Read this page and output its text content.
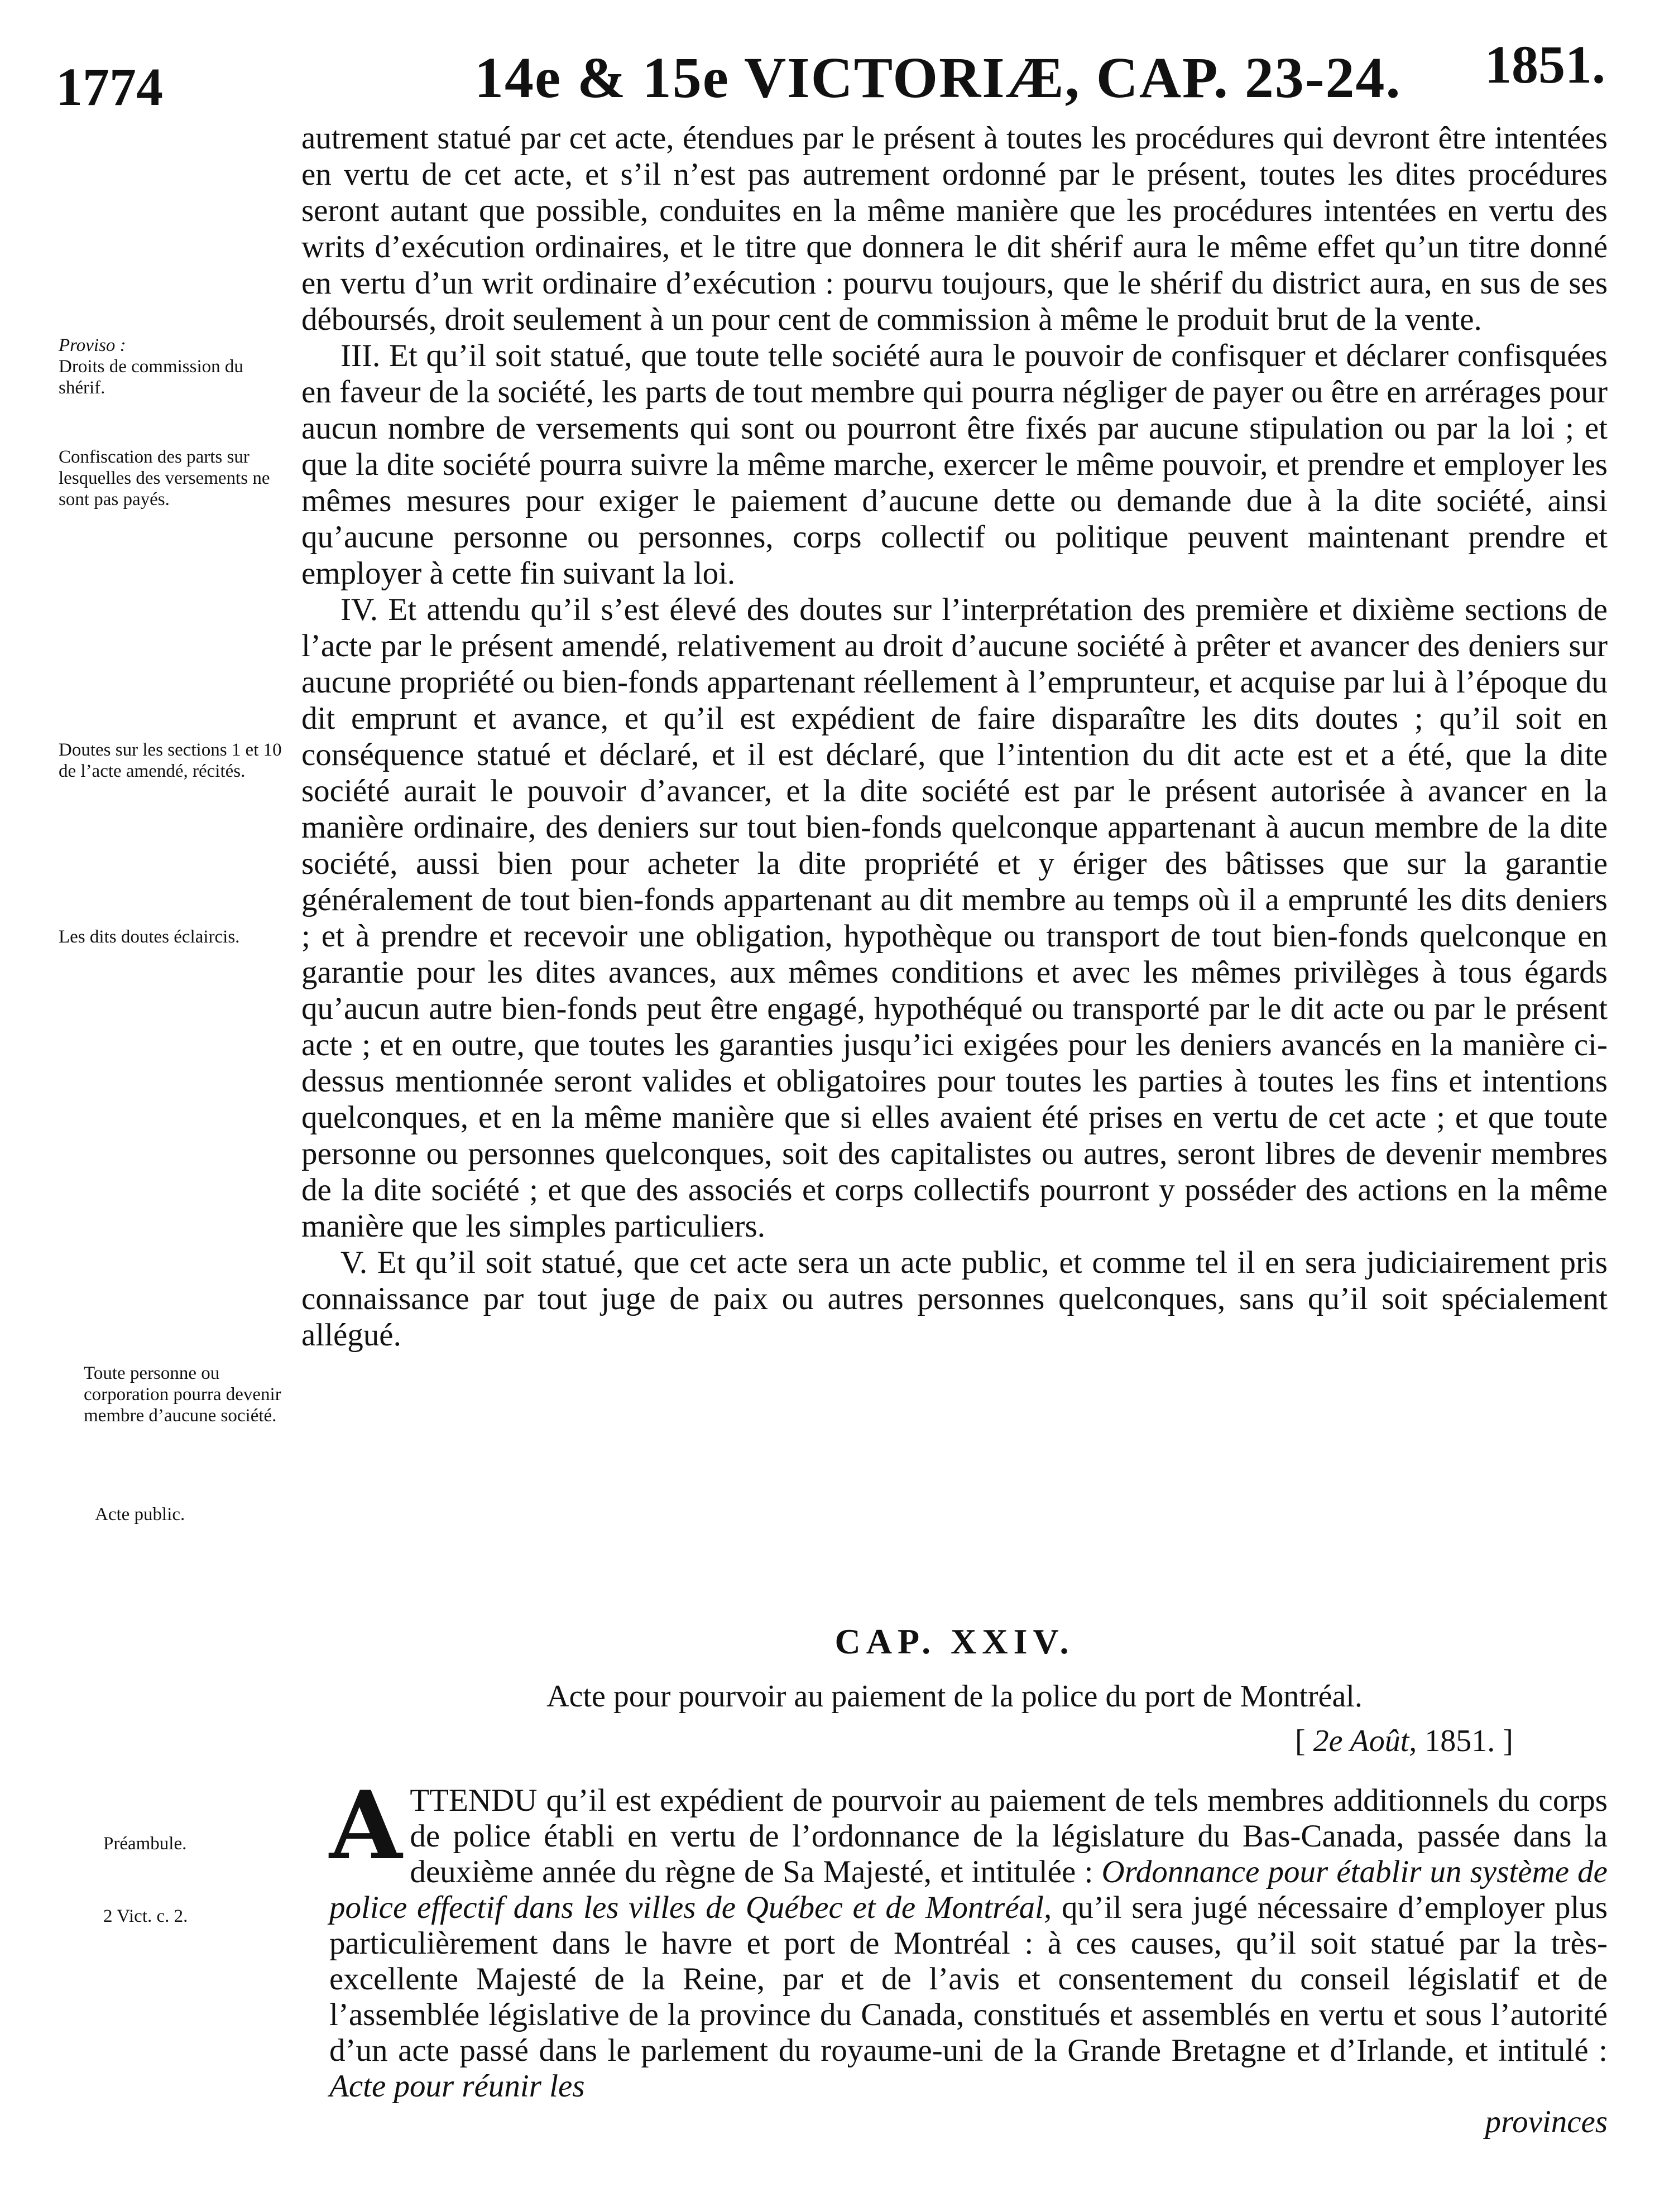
1774	14e & 15e VICTORIÆ, CAP. 23-24. 1851.

autrement statué par cet acte, étendues par le présent à toutes les procédures qui devront être intentées en vertu de cet acte, et s’il n’est pas autrement ordonné par le présent, toutes les dites procédures seront autant que possible, conduites en la même manière que les procédures intentées en vertu des writs d’exécution ordinaires, et le titre que donnera le dit shérif aura le même effet qu’un titre donné en vertu d’un writ ordinaire d’exécution : pourvu toujours, que le shérif du district aura, en sus de ses déboursés, droit seulement à un pour cent de commission à même le produit brut de la vente.

III. Et qu’il soit statué, que toute telle société aura le pouvoir de confisquer et déclarer confisquées en faveur de la société, les parts de tout membre qui pourra négliger de payer ou être en arrérages pour aucun nombre de versements qui sont ou pourront être fixés par aucune stipulation ou par la loi ; et que la dite société pourra suivre la même marche, exercer le même pouvoir, et prendre et employer les mêmes mesures pour exiger le paiement d’aucune dette ou demande due à la dite société, ainsi qu’aucune personne ou personnes, corps collectif ou politique peuvent maintenant prendre et employer à cette fin suivant la loi.

IV. Et attendu qu’il s’est élevé des doutes sur l’interprétation des première et dixième sections de l’acte par le présent amendé, relativement au droit d’aucune société à prêter et avancer des deniers sur aucune propriété ou bien-fonds appartenant réellement à l’emprunteur, et acquise par lui à l’époque du dit emprunt et avance, et qu’il est expédient de faire disparaître les dits doutes ; qu’il soit en conséquence statué et déclaré, et il est déclaré, que l’intention du dit acte est et a été, que la dite société aurait le pouvoir d’avancer, et la dite société est par le présent autorisée à avancer en la manière ordinaire, des deniers sur tout bien-fonds quelconque appartenant à aucun membre de la dite société, aussi bien pour acheter la dite propriété et y ériger des bâtisses que sur la garantie généralement de tout bien-fonds appartenant au dit membre au temps où il a emprunté les dits deniers ; et à prendre et recevoir une obligation, hypothèque ou transport de tout bien-fonds quelconque en garantie pour les dites avances, aux mêmes conditions et avec les mêmes privilèges à tous égards qu’aucun autre bien-fonds peut être engagé, hypothéqué ou transporté par le dit acte ou par le présent acte ; et en outre, que toutes les garanties jusqu’ici exigées pour les deniers avancés en la manière ci-dessus mentionnée seront valides et obligatoires pour toutes les parties à toutes les fins et intentions quelconques, et en la même manière que si elles avaient été prises en vertu de cet acte ; et que toute personne ou personnes quelconques, soit des capitalistes ou autres, seront libres de devenir membres de la dite société ; et que des associés et corps collectifs pourront y posséder des actions en la même manière que les simples particuliers.

V. Et qu’il soit statué, que cet acte sera un acte public, et comme tel il en sera judiciairement pris connaissance par tout juge de paix ou autres personnes quelconques, sans qu’il soit spécialement allégué.

Proviso :
Droits de commission du shérif.
Confiscation des parts sur lesquelles des versements ne sont pas payés.
Doutes sur les sections 1 et 10 de l’acte amendé, récités.
Les dits doutes éclaircis.
Toute personne ou corporation pourra devenir membre d’aucune société.
Acte public.
CAP. XXIV.
Acte pour pourvoir au paiement de la police du port de Montréal.
[ 2e Août, 1851. ]
Préambule.
2 Vict. c. 2.
A TTENDU qu’il est expédient de pourvoir au paiement de tels membres additionnels du corps de police établi en vertu de l’ordonnance de la législature du Bas-Canada, passée dans la deuxième année du règne de Sa Majesté, et intitulée : Ordonnance pour établir un système de police effectif dans les villes de Québec et de Montréal, qu’il sera jugé nécessaire d’employer plus particulièrement dans le havre et port de Montréal : à ces causes, qu’il soit statué par la très-excellente Majesté de la Reine, par et de l’avis et consentement du conseil législatif et de l’assemblée législative de la province du Canada, constitués et assemblés en vertu et sous l’autorité d’un acte passé dans le parlement du royaume-uni de la Grande Bretagne et d’Irlande, et intitulé : Acte pour réunir les
provinces
